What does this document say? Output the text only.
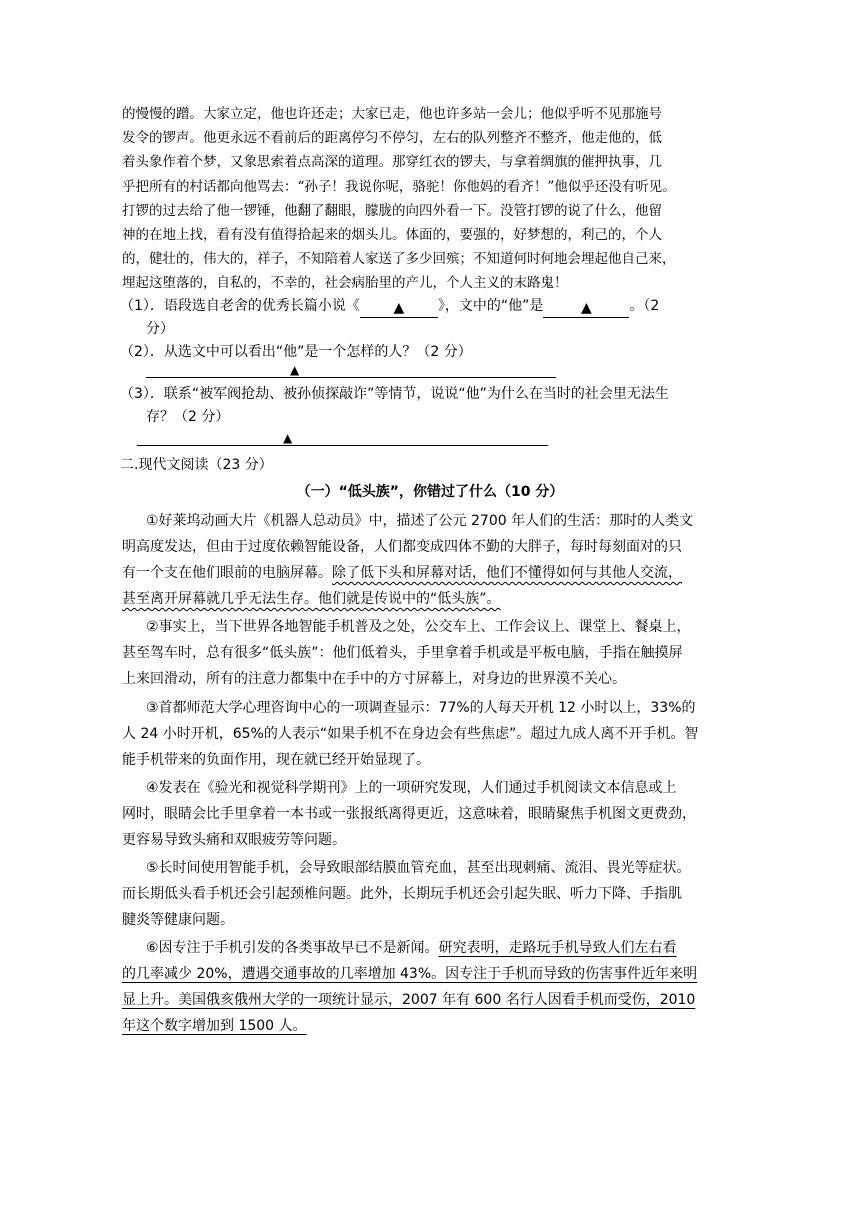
的慢慢的蹭。大家立定，他也许还走；大家已走，他也许多站一会儿；他似乎听不见那施号
发令的锣声。他更永远不看前后的距离停匀不停匀，左右的队列整齐不整齐，他走他的，低
着头象作着个梦，又象思索着点高深的道理。那穿红衣的锣夫，与拿着绸旗的催押执事，几
乎把所有的村话都向他骂去：“孙子！我说你呢，骆驼！你他妈的看齐！”他似乎还没有听见。
打锣的过去给了他一锣锤，他翻了翻眼，朦胧的向四外看一下。没管打锣的说了什么，他留
神的在地上找，看有没有值得拾起来的烟头儿。体面的，要强的，好梦想的，利己的，个人
的，健壮的，伟大的，祥子，不知陪着人家送了多少回殡；不知道何时何地会埋起他自己来，
埋起这堕落的，自私的，不幸的，社会病胎里的产儿，个人主义的末路鬼！
（1）．语段选自老舍的优秀长篇小说《 ▲ 》，文中的“他”是	▲	。（2
分）
（2）．从选文中可以看出“他”是一个怎样的人？（2 分）
▲
（3）．联系“被军阀抢劫、被孙侦探敲诈”等情节，说说“他”为什么在当时的社会里无法生
存？（2 分）
▲
二.现代文阅读（23 分）
（一）“低头族”，你错过了什么（10 分）
①好莱坞动画大片《机器人总动员》中，描述了公元 2700 年人们的生活：那时的人类文
明高度发达，但由于过度依赖智能设备，人们都变成四体不勤的大胖子，每时每刻面对的只
有一个支在他们眼前的电脑屏幕。除了低下头和屏幕对话，他们不懂得如何与其他人交流，
甚至离开屏幕就几乎无法生存。他们就是传说中的“低头族”。
②事实上，当下世界各地智能手机普及之处，公交车上、工作会议上、课堂上、餐桌上，
甚至驾车时，总有很多“低头族”：他们低着头，手里拿着手机或是平板电脑，手指在触摸屏
上来回滑动，所有的注意力都集中在手中的方寸屏幕上，对身边的世界漠不关心。
③首都师范大学心理咨询中心的一项调查显示：77%的人每天开机 12 小时以上，33%的
人 24 小时开机，65%的人表示“如果手机不在身边会有些焦虑”。超过九成人离不开手机。智
能手机带来的负面作用，现在就已经开始显现了。
④发表在《验光和视觉科学期刊》上的一项研究发现，人们通过手机阅读文本信息或上
网时，眼睛会比手里拿着一本书或一张报纸离得更近，这意味着，眼睛聚焦手机图文更费劲，
更容易导致头痛和双眼疲劳等问题。
⑤长时间使用智能手机，会导致眼部结膜血管充血，甚至出现刺痛、流泪、畏光等症状。
而长期低头看手机还会引起颈椎问题。此外，长期玩手机还会引起失眠、听力下降、手指肌
腱炎等健康问题。
⑥因专注于手机引发的各类事故早已不是新闻。研究表明，走路玩手机导致人们左右看
的几率减少 20%，遭遇交通事故的几率增加 43%。因专注于手机而导致的伤害事件近年来明
显上升。美国俄亥俄州大学的一项统计显示，2007 年有 600 名行人因看手机而受伤，2010
年这个数字增加到 1500 人。
